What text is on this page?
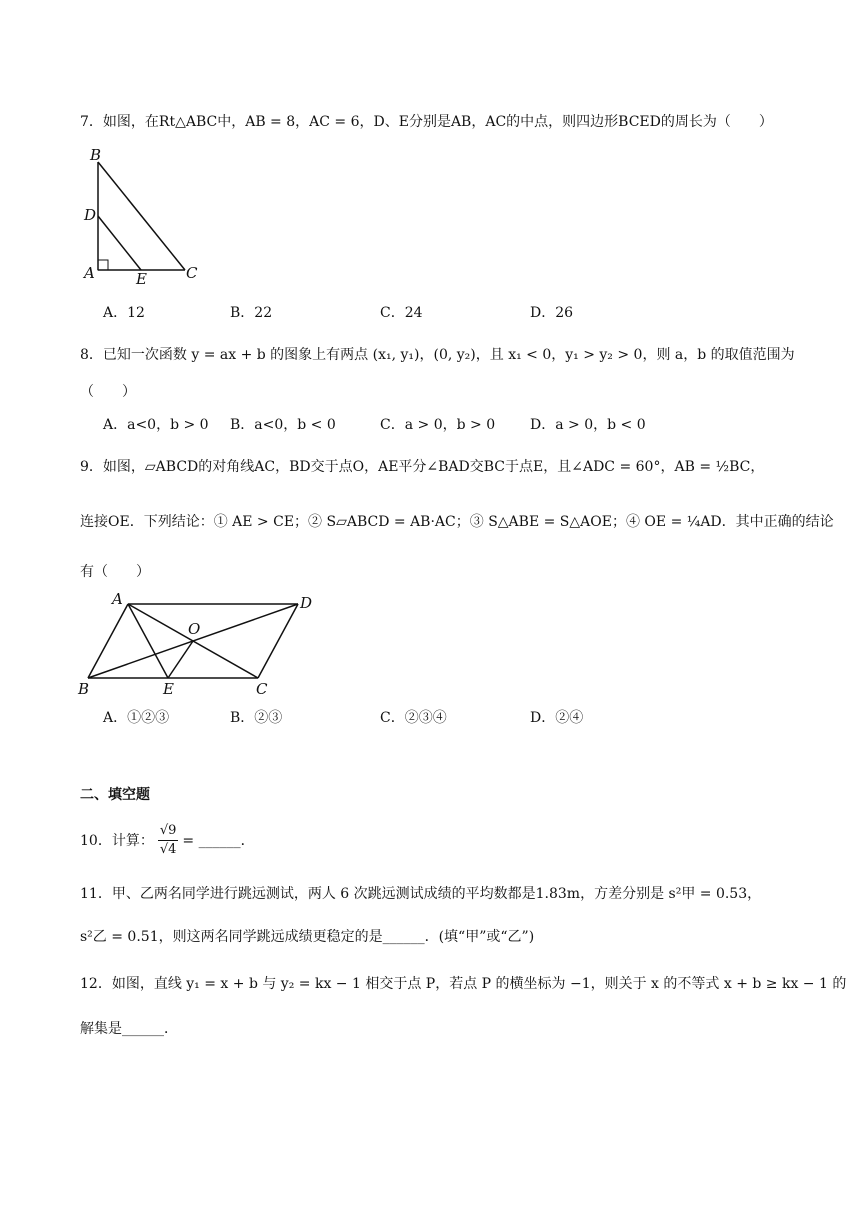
7．如图，在Rt△ABC中，AB = 8，AC = 6，D、E分别是AB，AC的中点，则四边形BCED的周长为（　　）
B
D
A	E	C
A．12	B．22	C．24	D．26
8．已知一次函数 y = ax + b 的图象上有两点 (x₁, y₁)，(0, y₂)，且 x₁ < 0，y₁ > y₂ > 0，则 a，b 的取值范围为
（　　）
A．a<0，b > 0 B．a<0，b < 0	C．a > 0，b > 0 D．a > 0，b < 0
9．如图，▱ABCD的对角线AC，BD交于点O，AE平分∠BAD交BC于点E，且∠ADC = 60°，AB = ½BC，
连接OE．下列结论：① AE > CE；② S▱ABCD = AB·AC；③ S△ABE = S△AOE；④ OE = ¼AD．其中正确的结论
有（　　）
A	D
O
B	E	C
A．①②③	B．②③	C．②③④	D．②④
二、填空题
10．计算： $\frac{√9}{√4}$ = ______．
11．甲、乙两名同学进行跳远测试，两人 6 次跳远测试成绩的平均数都是1.83m，方差分别是 s²甲 = 0.53，
s²乙 = 0.51，则这两名同学跳远成绩更稳定的是______．(填“甲”或“乙”)
12．如图，直线 y₁ = x + b 与 y₂ = kx − 1 相交于点 P，若点 P 的横坐标为 −1，则关于 x 的不等式 x + b ≥ kx − 1 的
解集是______．
